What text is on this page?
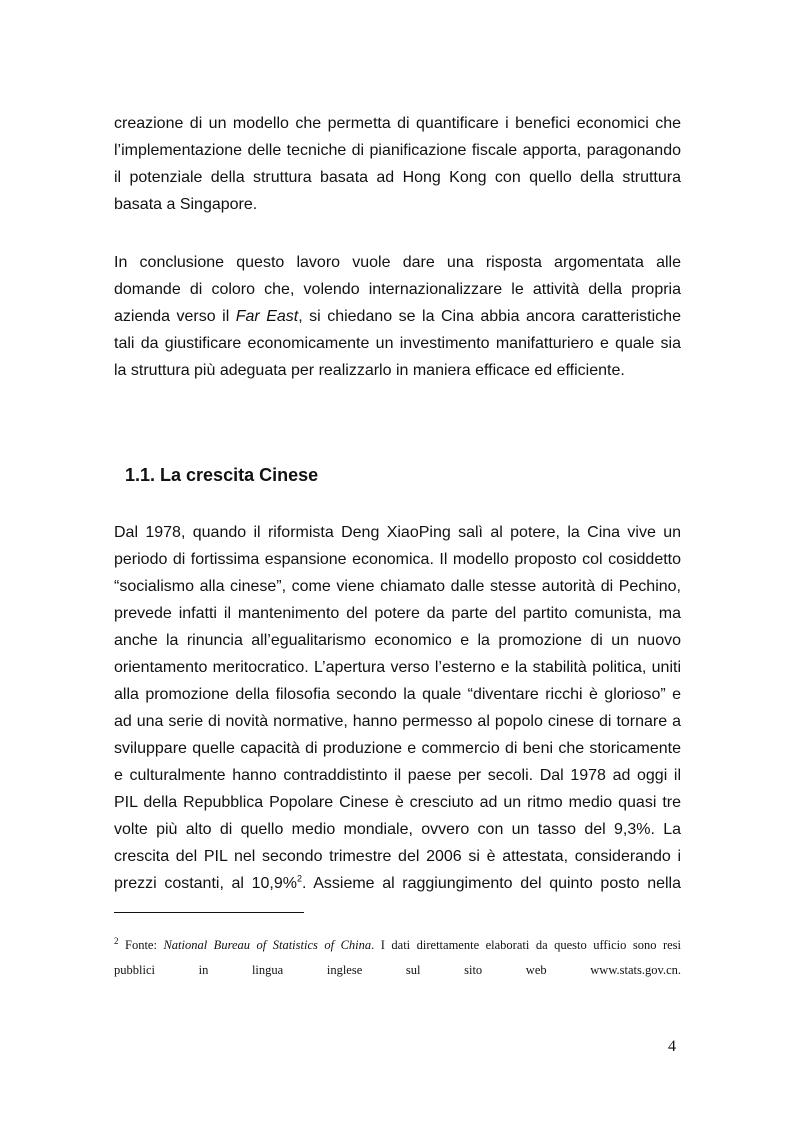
creazione di un modello che permetta di quantificare i benefici economici che
l’implementazione delle tecniche di pianificazione fiscale apporta, paragonando
il potenziale della struttura basata ad Hong Kong con quello della struttura
basata a Singapore.
In conclusione questo lavoro vuole dare una risposta argomentata alle
domande di coloro che, volendo internazionalizzare le attività della propria
azienda verso il Far East, si chiedano se la Cina abbia ancora caratteristiche
tali da giustificare economicamente un investimento manifatturiero e quale sia
la struttura più adeguata per realizzarlo in maniera efficace ed efficiente.
1.1. La crescita Cinese
Dal 1978, quando il riformista Deng XiaoPing salì al potere, la Cina vive un
periodo di fortissima espansione economica. Il modello proposto col cosiddetto
“socialismo alla cinese”, come viene chiamato dalle stesse autorità di Pechino,
prevede infatti il mantenimento del potere da parte del partito comunista, ma
anche la rinuncia all’egualitarismo economico e la promozione di un nuovo
orientamento meritocratico. L’apertura verso l’esterno e la stabilità politica, uniti
alla promozione della filosofia secondo la quale “diventare ricchi è glorioso” e
ad una serie di novità normative, hanno permesso al popolo cinese di tornare a
sviluppare quelle capacità di produzione e commercio di beni che storicamente
e culturalmente hanno contraddistinto il paese per secoli. Dal 1978 ad oggi il
PIL della Repubblica Popolare Cinese è cresciuto ad un ritmo medio quasi tre
volte più alto di quello medio mondiale, ovvero con un tasso del 9,3%. La
crescita del PIL nel secondo trimestre del 2006 si è attestata, considerando i
prezzi costanti, al 10,9%$^2$. Assieme al raggiungimento del quinto posto nella
$^2$ Fonte: National Bureau of Statistics of China. I dati direttamente elaborati da questo ufficio sono resi
pubblici in lingua inglese sul sito web www.stats.gov.cn.
4
